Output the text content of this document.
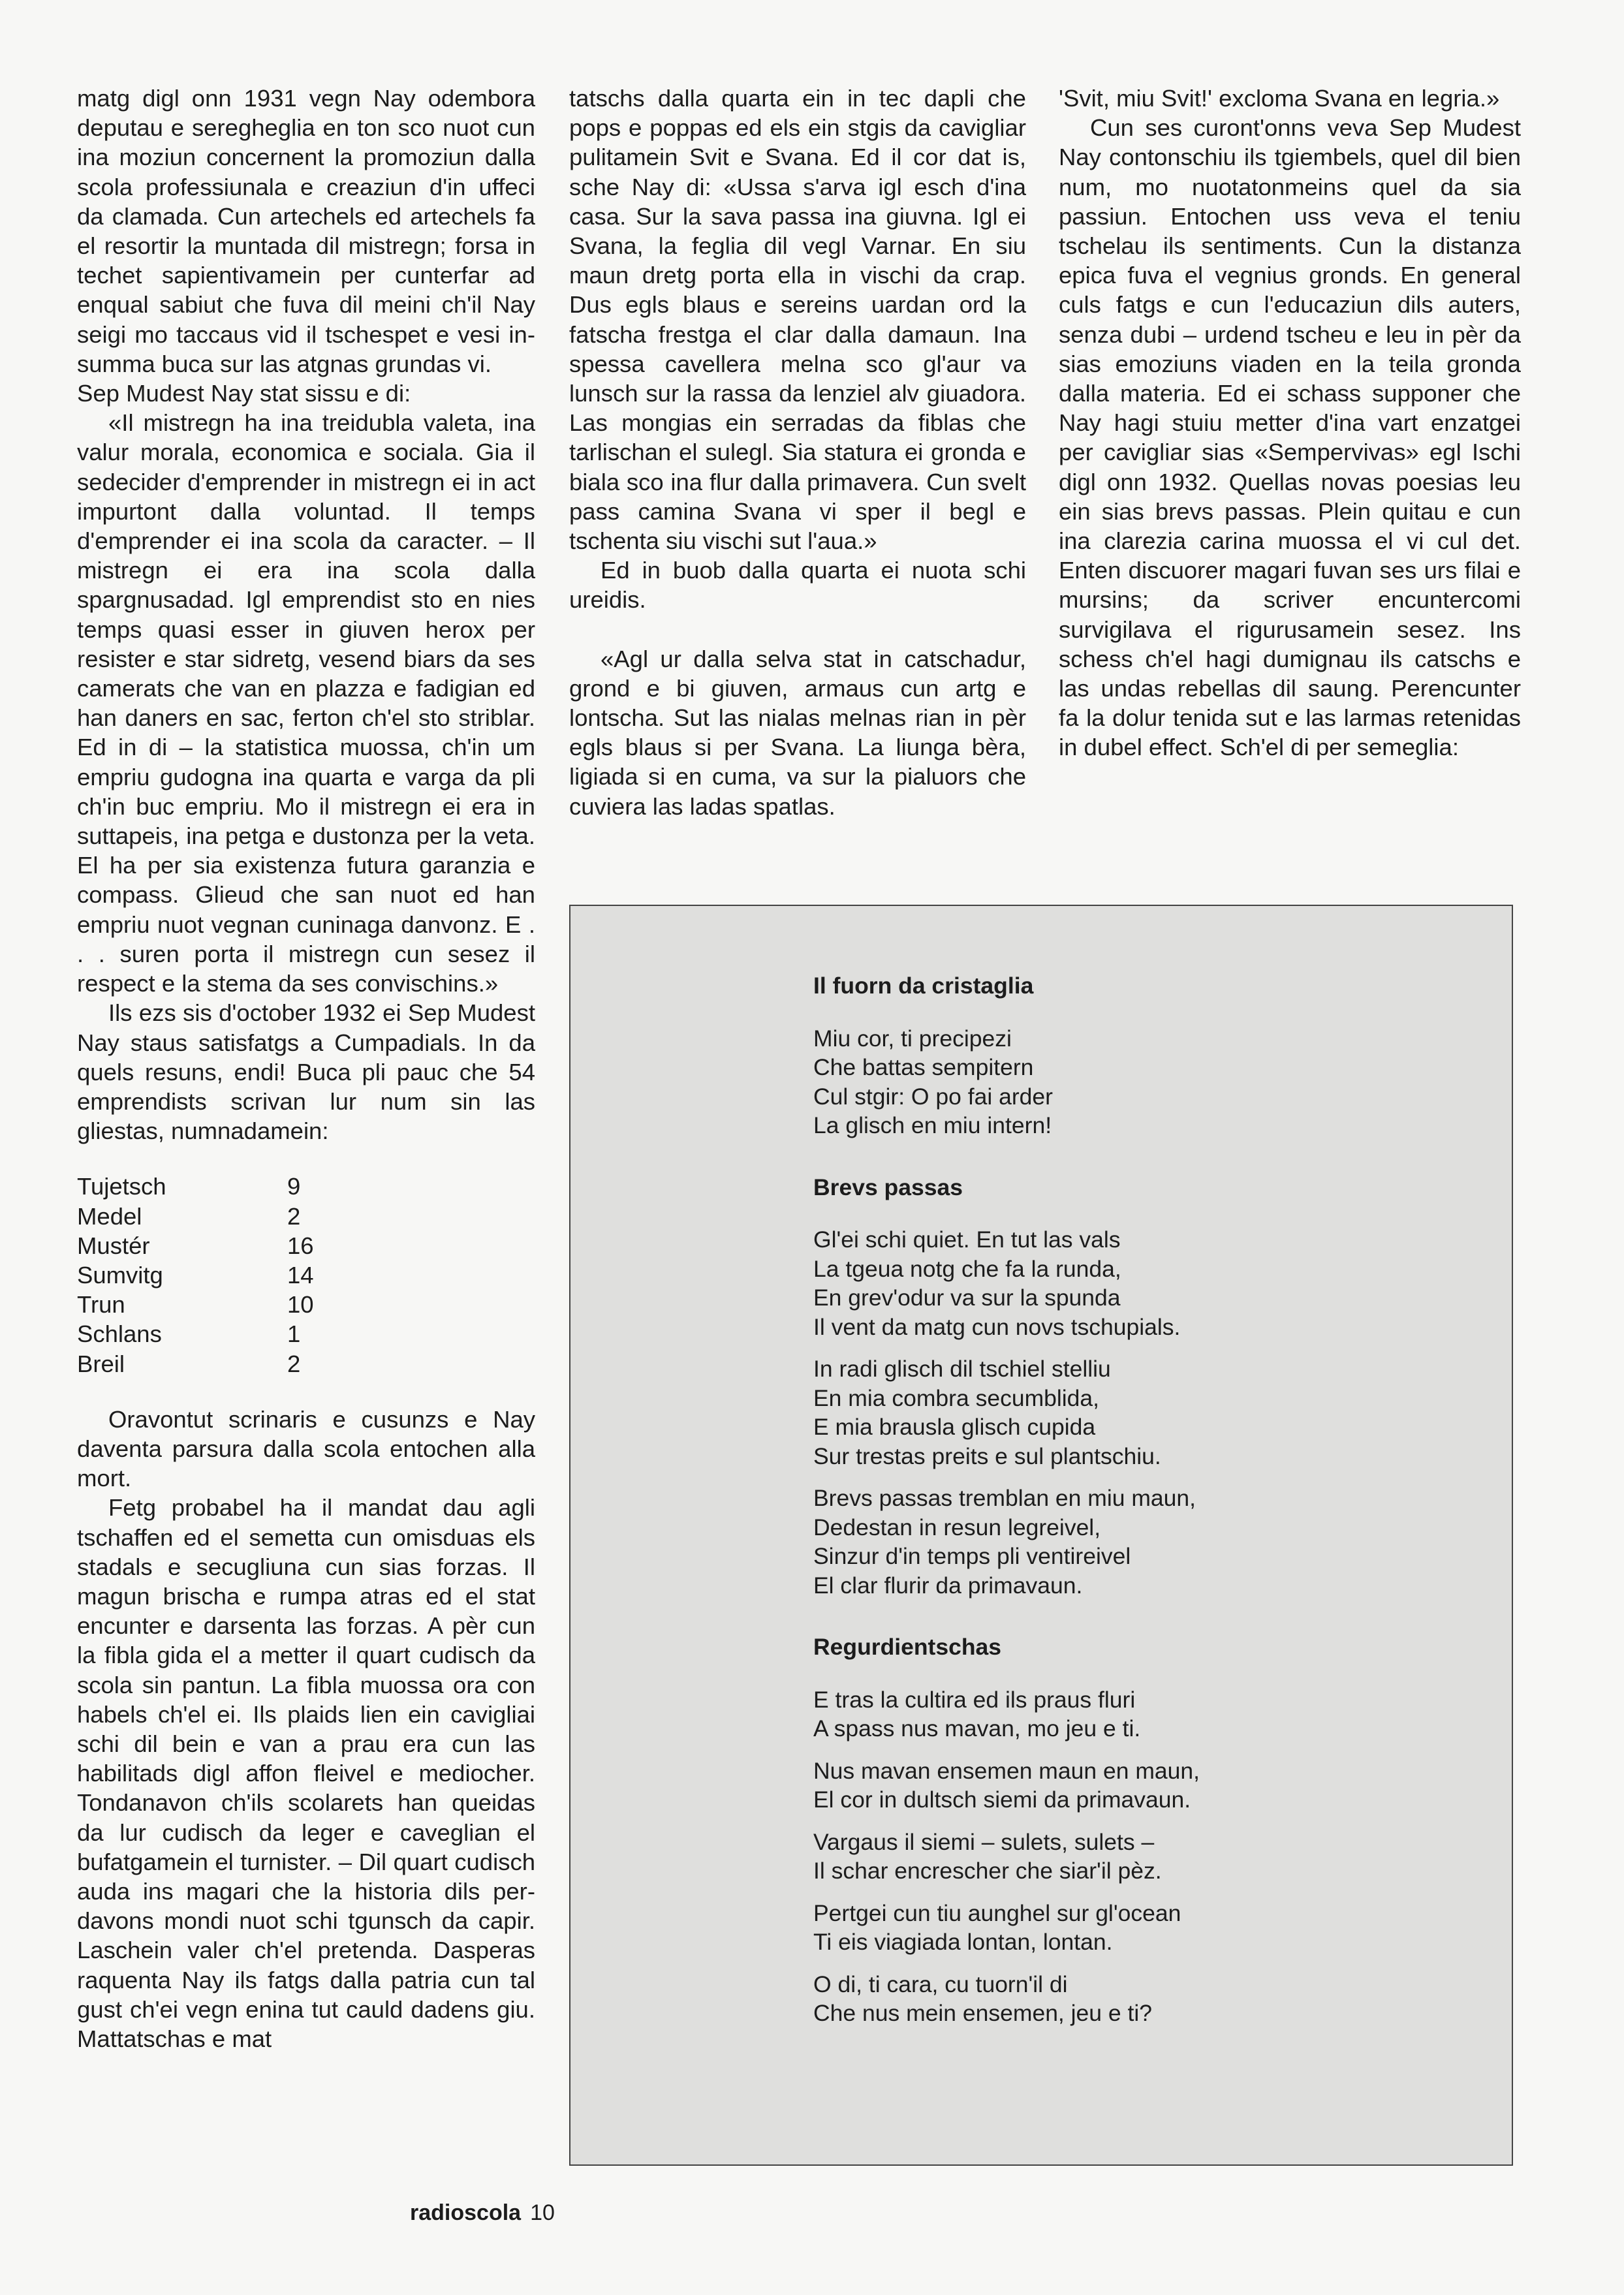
matg digl onn 1931 vegn Nay odembora deputau e seregheglia en ton sco nuot cun ina moziun concernent la promoziun dalla scola professiunala e creaziun d'in uffeci da clamada. Cun artechels ed artechels fa el resortir la muntada dil mistregn; forsa in techet sapientivamein per cunterfar ad enqual sabiut che fuva dil meini ch'il Nay seigi mo taccaus vid il tschespet e vesi insumma buca sur las atgnas grundas vi.

Sep Mudest Nay stat sissu e di:

«Il mistregn ha ina treidubla valeta, ina valur morala, economica e sociala. Gia il sedecider d'emprender in mistregn ei in act impurtont dalla voluntad. Il temps d'emprender ei ina scola da caracter. – Il mistregn ei era ina scola dalla spargnusadad. Igl emprendist sto en nies temps quasi esser in giuven herox per resister e star sidretg, vesend biars da ses camerats che van en plazza e fadigian ed han daners en sac, ferton ch'el sto striblar. Ed in di – la statistica muossa, ch'in um empriu gudogna ina quarta e varga da pli ch'in buc empriu. Mo il mistregn ei era in suttapeis, ina petga e dustonza per la veta. El ha per sia existenza futura garanzia e compass. Glieud che san nuot ed han empriu nuot vegnan cuninaga danvonz. E . . . suren porta il mistregn cun sesez il respect e la stema da ses convischins.»

Ils ezs sis d'october 1932 ei Sep Mudest Nay staus satisfatgs a Cumpadials. In da quels resuns, endi! Buca pli pauc che 54 emprendists scrivan lur num sin las gliestas, numnadamein:

Tujetsch	9
Medel	2
Mustér	16
Sumvitg	14
Trun	10
Schlans	1
Breil	2

Oravontut scrinaris e cusunzs e Nay daventa parsura dalla scola entochen alla mort.

Fetg probabel ha il mandat dau agli tschaffen ed el semetta cun omisduas els stadals e secugliuna cun sias forzas. Il magun brischa e rumpa atras ed el stat encunter e darsenta las forzas. A pèr cun la fibla gida el a metter il quart cudisch da scola sin pantun. La fibla muossa ora con habels ch'el ei. Ils plaids lien ein cavigliai schi dil bein e van a prau era cun las habilitads digl affon fleivel e mediocher. Tondanavon ch'ils scolarets han queidas da lur cudisch da leger e caveglian el bufatgamein el turnister. – Dil quart cudisch auda ins magari che la historia dils perdavons mondi nuot schi tgunsch da capir. Laschein valer ch'el pretenda. Dasperas raquenta Nay ils fatgs dalla patria cun tal gust ch'ei vegn enina tut cauld dadens giu. Mattatschas e mat

tatschs dalla quarta ein in tec dapli che pops e poppas ed els ein stgis da cavigliar pulitamein Svit e Svana. Ed il cor dat is, sche Nay di: «Ussa s'arva igl esch d'ina casa. Sur la sava passa ina giuvna. Igl ei Svana, la feglia dil vegl Varnar. En siu maun dretg porta ella in vischi da crap. Dus egls blaus e sereins uardan ord la fatscha frestga el clar dalla damaun. Ina spessa cavellera melna sco gl'aur va lunsch sur la rassa da lenziel alv giuadora. Las mongias ein serradas da fiblas che tarlischan el sulegl. Sia statura ei gronda e biala sco ina flur dalla primavera. Cun svelt pass camina Svana vi sper il begl e tschenta siu vischi sut l'aua.»

Ed in buob dalla quarta ei nuota schi ureidis.

«Agl ur dalla selva stat in catschadur, grond e bi giuven, armaus cun artg e lontscha. Sut las nialas melnas rian in pèr egls blaus si per Svana. La liunga bèra, ligiada si en cuma, va sur la pialuors che cuviera las ladas spatlas.

'Svit, miu Svit!' excloma Svana en legria.»

Cun ses curont'onns veva Sep Mudest Nay contonschiu ils tgiembels, quel dil bien num, mo nuotatonmeins quel da sia passiun. Entochen uss veva el teniu tschelau ils sentiments. Cun la distanza epica fuva el vegnius gronds. En general culs fatgs e cun l'educaziun dils auters, senza dubi – urdend tscheu e leu in pèr da sias emoziuns viaden en la teila gronda dalla materia. Ed ei schass supponer che Nay hagi stuiu metter d'ina vart enzatgei per cavigliar sias «Sempervivas» egl Ischi digl onn 1932. Quellas novas poesias leu ein sias brevs passas. Plein quitau e cun ina clarezia carina muossa el vi cul det. Enten discuorer magari fuvan ses urs filai e mursins; da scriver encuntercomi survigilava el rigurusamein sesez. Ins schess ch'el hagi dumignau ils catschs e las undas rebellas dil saung. Perencunter fa la dolur tenida sut e las larmas retenidas in dubel effect. Sch'el di per semeglia:

Il fuorn da cristaglia
Miu cor, ti precipezi
Che battas sempitern
Cul stgir: O po fai arder
La glisch en miu intern!
Brevs passas
Gl'ei schi quiet. En tut las vals
La tgeua notg che fa la runda,
En grev'odur va sur la spunda
Il vent da matg cun novs tschupials.
In radi glisch dil tschiel stelliu
En mia combra secumblida,
E mia brausla glisch cupida
Sur trestas preits e sul plantschiu.
Brevs passas tremblan en miu maun,
Dedestan in resun legreivel,
Sinzur d'in temps pli ventireivel
El clar flurir da primavaun.
Regurdientschas
E tras la cultira ed ils praus fluri
A spass nus mavan, mo jeu e ti.
Nus mavan ensemen maun en maun,
El cor in dultsch siemi da primavaun.
Vargaus il siemi – sulets, sulets –
Il schar encrescher che siar'il pèz.
Pertgei cun tiu aunghel sur gl'ocean
Ti eis viagiada lontan, lontan.
O di, ti cara, cu tuorn'il di
Che nus mein ensemen, jeu e ti?
radioscola 10
